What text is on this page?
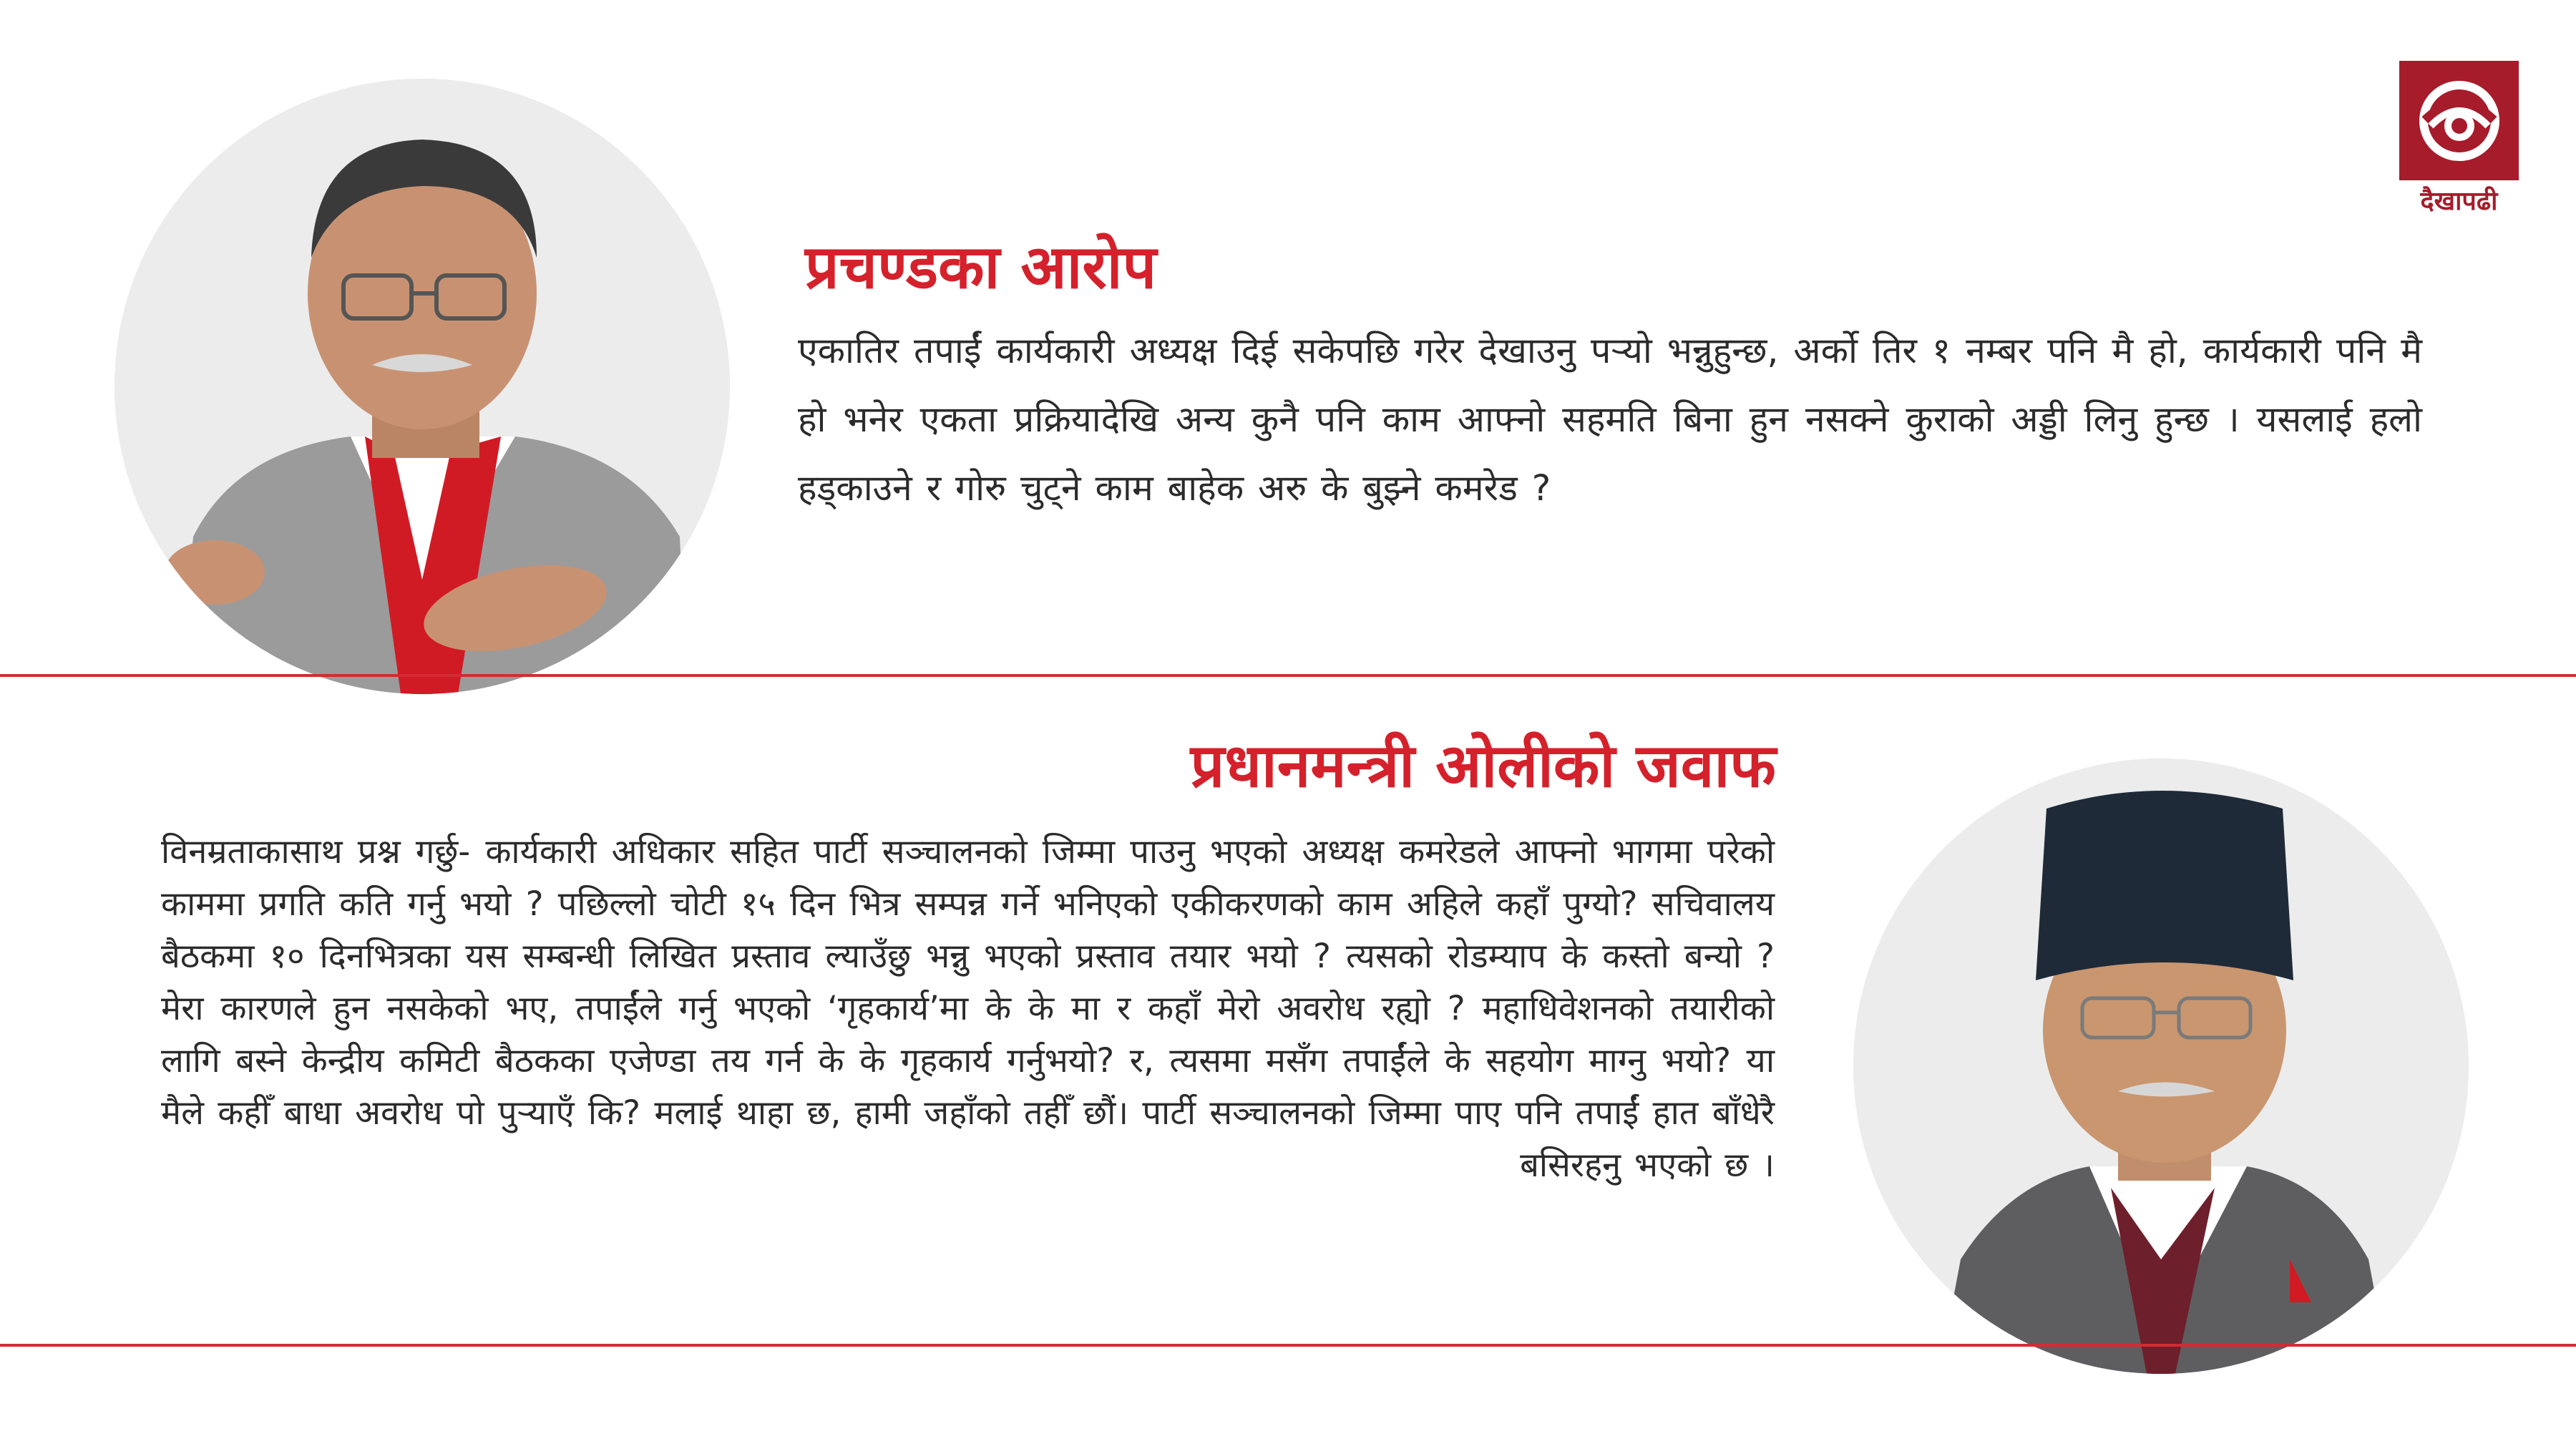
दैखापढी
प्रचण्डका आरोप
एकातिर तपाईं कार्यकारी अध्यक्ष दिई सकेपछि गरेर देखाउनु पर्‍यो भन्नुहुन्छ, अर्को तिर १ नम्बर पनि मै हो, कार्यकारी पनि मै हो भनेर एकता प्रक्रियादेखि अन्य कुनै पनि काम आफ्नो सहमति बिना हुन नसक्ने कुराको अड्डी लिनु हुन्छ । यसलाई हलो हड्काउने र गोरु चुट्ने काम बाहेक अरु के बुझ्ने कमरेड ?
प्रधानमन्त्री ओलीको जवाफ
विनम्रताकासाथ प्रश्न गर्छु- कार्यकारी अधिकार सहित पार्टी सञ्चालनको जिम्मा पाउनु भएको अध्यक्ष कमरेडले आफ्नो भागमा परेको काममा प्रगति कति गर्नु भयो ? पछिल्लो चोटी १५ दिन भित्र सम्पन्न गर्ने भनिएको एकीकरणको काम अहिले कहाँ पुग्यो? सचिवालय बैठकमा १० दिनभित्रका यस सम्बन्धी लिखित प्रस्ताव ल्याउँछु भन्नु भएको प्रस्ताव तयार भयो ? त्यसको रोडम्याप के कस्तो बन्यो ? मेरा कारणले हुन नसकेको भए, तपाईंले गर्नु भएको ‘गृहकार्य’मा के के मा र कहाँ मेरो अवरोध रह्यो ? महाधिवेशनको तयारीको लागि बस्ने केन्द्रीय कमिटी बैठकका एजेण्डा तय गर्न के के गृहकार्य गर्नुभयो? र, त्यसमा मसँग तपाईंले के सहयोग माग्नु भयो? या मैले कहीँ बाधा अवरोध पो पुर्‍याएँ कि? मलाई थाहा छ, हामी जहाँको तहीँ छौं। पार्टी सञ्चालनको जिम्मा पाए पनि तपाईं हात बाँधेरै बसिरहनु भएको छ ।
